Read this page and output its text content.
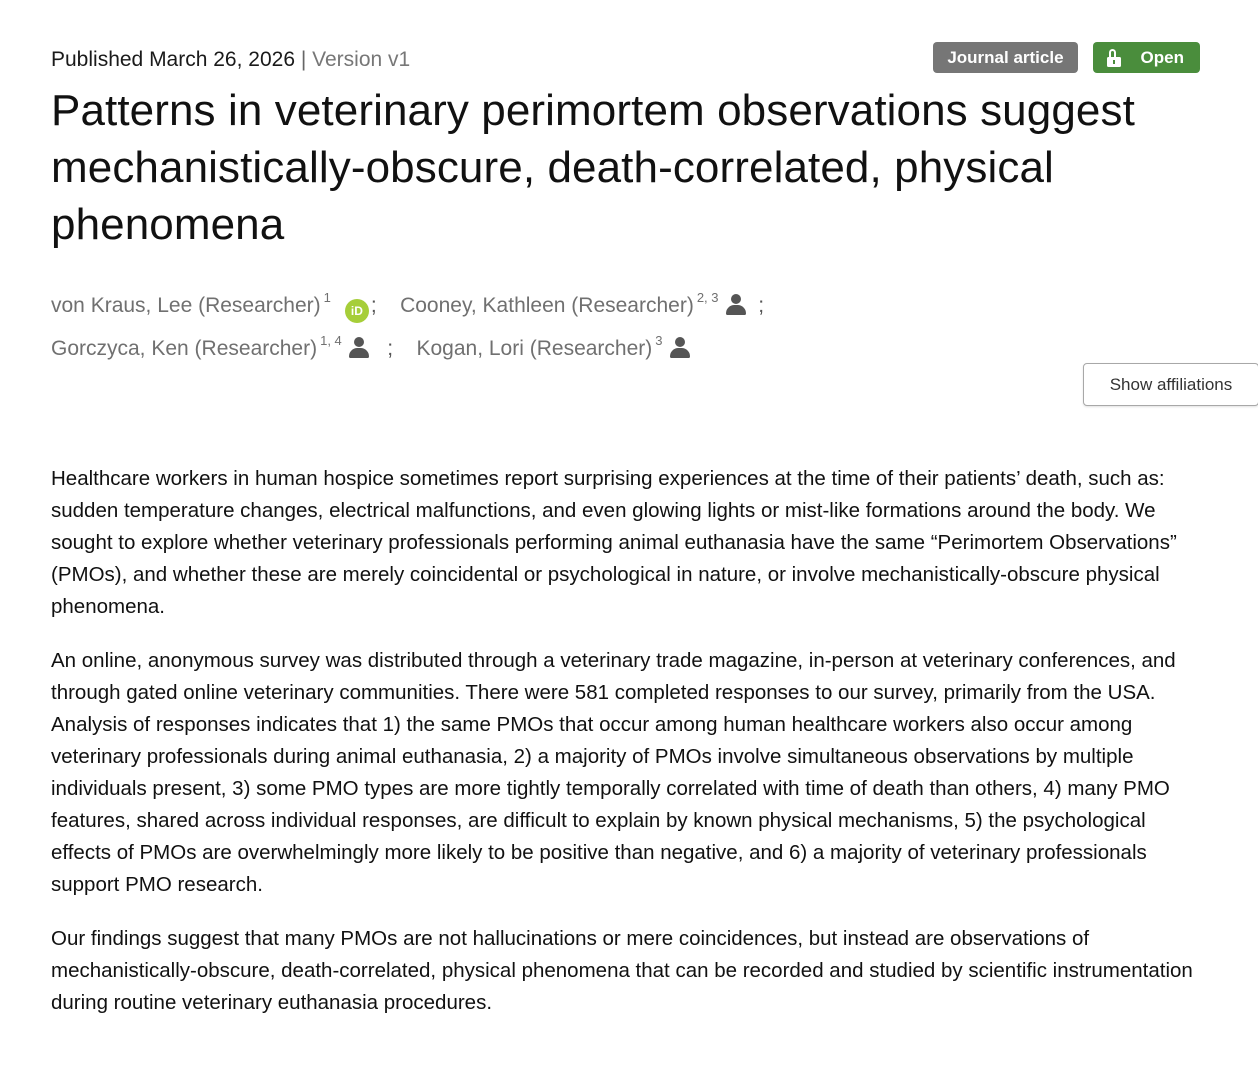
Published March 26, 2026 | Version v1	Journal article	Open
Patterns in veterinary perimortem observations suggest mechanistically-obscure, death-correlated, physical phenomena
von Kraus, Lee (Researcher) $^1$iD ; Cooney, Kathleen (Researcher) $^{2, 3}$ ;
Gorczyca, Ken (Researcher) $^{1, 4}$ ; Kogan, Lori (Researcher) $^3$
Show affiliations

Healthcare workers in human hospice sometimes report surprising experiences at the time of their patients’ death, such as: sudden temperature changes, electrical malfunctions, and even glowing lights or mist-like formations around the body. We sought to explore whether veterinary professionals performing animal euthanasia have the same “Perimortem Observations” (PMOs), and whether these are merely coincidental or psychological in nature, or involve mechanistically-obscure physical phenomena.

An online, anonymous survey was distributed through a veterinary trade magazine, in-person at veterinary conferences, and through gated online veterinary communities. There were 581 completed responses to our survey, primarily from the USA. Analysis of responses indicates that 1) the same PMOs that occur among human healthcare workers also occur among veterinary professionals during animal euthanasia, 2) a majority of PMOs involve simultaneous observations by multiple individuals present, 3) some PMO types are more tightly temporally correlated with time of death than others, 4) many PMO features, shared across individual responses, are difficult to explain by known physical mechanisms, 5) the psychological effects of PMOs are overwhelmingly more likely to be positive than negative, and 6) a majority of veterinary professionals support PMO research.

Our findings suggest that many PMOs are not hallucinations or mere coincidences, but instead are observations of mechanistically-obscure, death-correlated, physical phenomena that can be recorded and studied by scientific instrumentation during routine veterinary euthanasia procedures.
